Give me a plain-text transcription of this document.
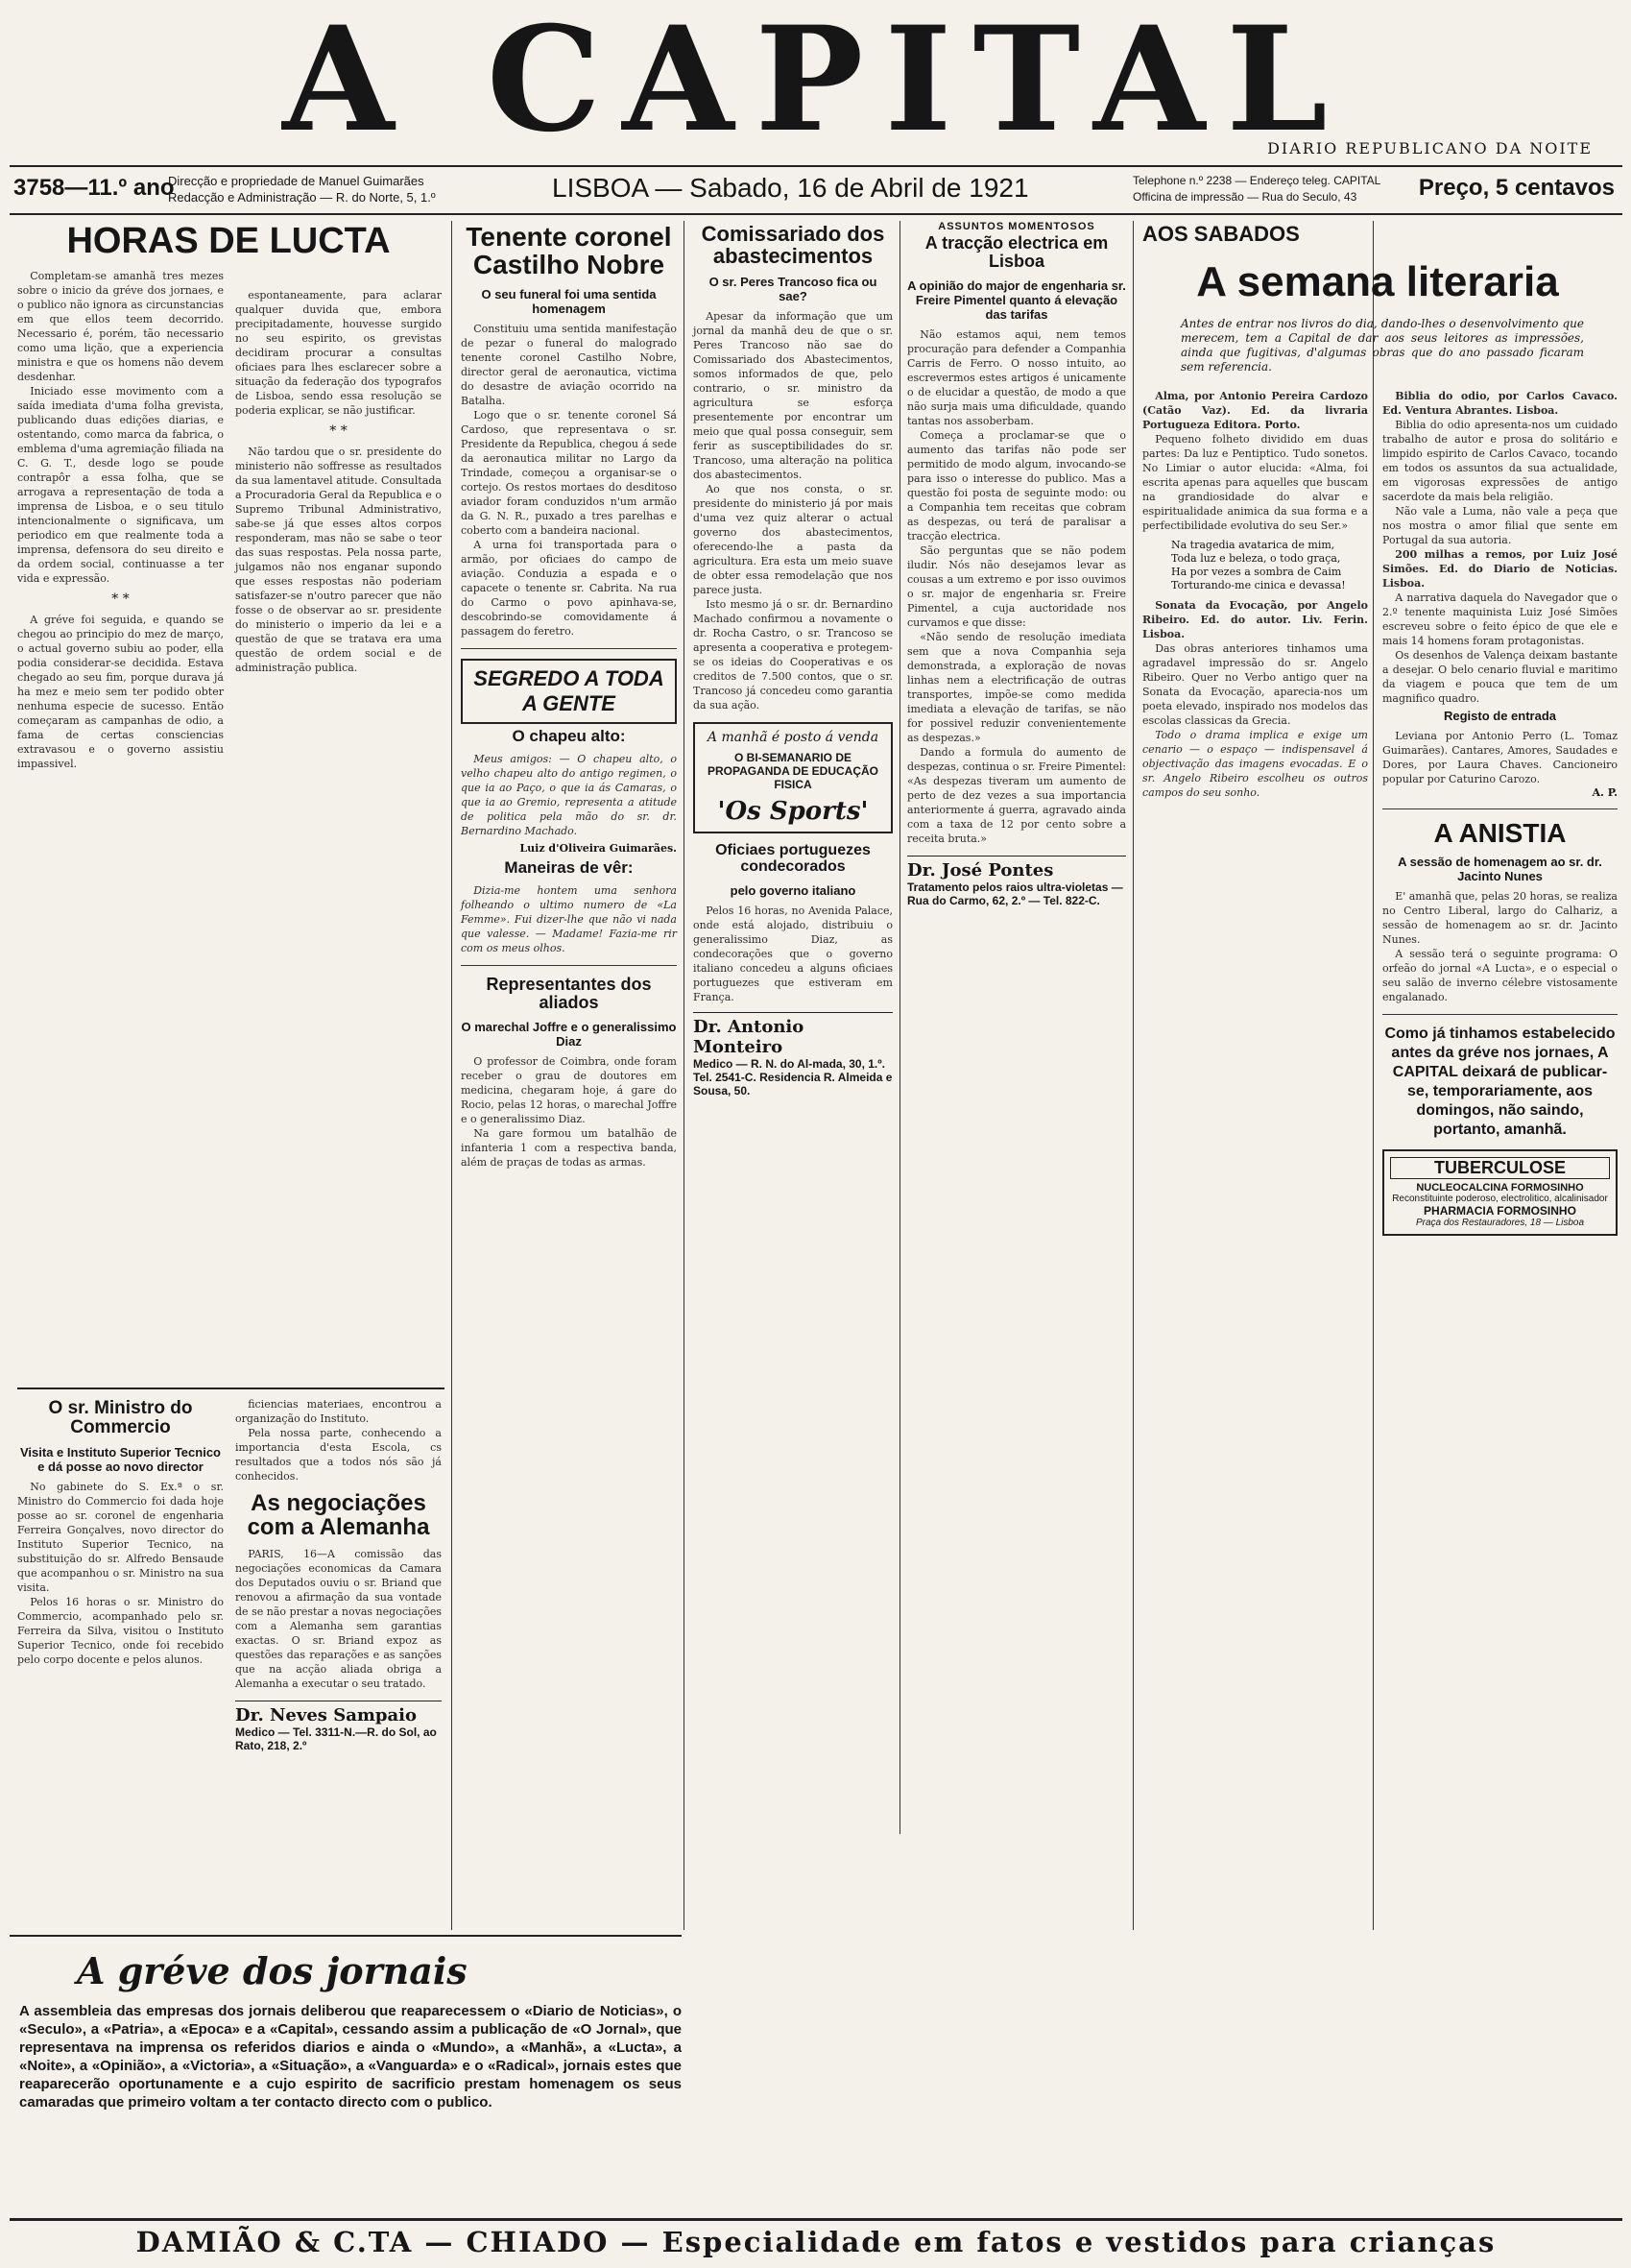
A CAPITAL
DIARIO REPUBLICANO DA NOITE
3758—11.º ano
Direcção e propriedade de Manuel Guimarães
Redacção e Administração — R. do Norte, 5, 1.º	LISBOA — Sabado, 16 de Abril de 1921	Telephone n.º 2238 — Endereço teleg. CAPITAL
Officina de impressão — Rua do Seculo, 43	Preço, 5 centavos
HORAS DE LUCTA

Completam-se amanhã tres mezes sobre o inicio da gréve dos jornaes, e o publico não ignora as circunstancias em que ellos teem decorrido. Necessario é, porém, tão necessario como uma lição, que a experiencia ministra e que os homens não devem desdenhar.

Iniciado esse movimento com a saída imediata d'uma folha grevista, publicando duas edições diarias, e ostentando, como marca da fabrica, o emblema d'uma agremiação filiada na C. G. T., desde logo se poude contrapôr a essa folha, que se arrogava a representação de toda a imprensa de Lisboa, e o seu titulo intencionalmente o significava, um periodico em que realmente toda a imprensa, defensora do seu direito e da ordem social, continuasse a ter vida e expressão.

* *

A gréve foi seguida, e quando se chegou ao principio do mez de março, o actual governo subiu ao poder, ella podia considerar-se decidida. Estava chegado ao seu fim, porque durava já ha mez e meio sem ter podido obter nenhuma especie de sucesso. Então começaram as campanhas de odio, a fama de certas consciencias extravasou e o governo assistiu impassivel.

espontaneamente, para aclarar qualquer duvida que, embora precipitadamente, houvesse surgido no seu espirito, os grevistas decidiram procurar a consultas oficiaes para lhes esclarecer sobre a situação da federação dos typografos de Lisboa, sendo essa resolução se poderia explicar, se não justificar.

* *

Não tardou que o sr. presidente do ministerio não soffresse as resultados da sua lamentavel atitude. Consultada a Procuradoria Geral da Republica e o Supremo Tribunal Administrativo, sabe-se já que esses altos corpos responderam, mas não se sabe o teor das suas respostas. Pela nossa parte, julgamos não nos enganar supondo que esses respostas não poderiam satisfazer-se n'outro parecer que não fosse o de observar ao sr. presidente do ministerio o imperio da lei e a questão de que se tratava era uma questão de ordem social e de administração publica.

O sr. Ministro do Commercio
Visita e Instituto Superior Tecnico e dá posse ao novo director

No gabinete do S. Ex.ª o sr. Ministro do Commercio foi dada hoje posse ao sr. coronel de engenharia Ferreira Gonçalves, novo director do Instituto Superior Tecnico, na substituição do sr. Alfredo Bensaude que acompanhou o sr. Ministro na sua visita.

Pelos 16 horas o sr. Ministro do Commercio, acompanhado pelo sr. Ferreira da Silva, visitou o Instituto Superior Tecnico, onde foi recebido pelo corpo docente e pelos alunos.

ficiencias materiaes, encontrou a organização do Instituto.

Pela nossa parte, conhecendo a importancia d'esta Escola, cs resultados que a todos nós são já conhecidos.

As negociações com a Alemanha

PARIS, 16—A comissão das negociações economicas da Camara dos Deputados ouviu o sr. Briand que renovou a afirmação da sua vontade de se não prestar a novas negociações com a Alemanha sem garantias exactas. O sr. Briand expoz as questões das reparações e as sanções que na acção aliada obriga a Alemanha a executar o seu tratado.

Dr. Neves Sampaio
Medico — Tel. 3311-N.—R. do Sol, ao Rato, 218, 2.º
Tenente coronel Castilho Nobre
O seu funeral foi uma sentida homenagem

Constituiu uma sentida manifestação de pezar o funeral do malogrado tenente coronel Castilho Nobre, director geral de aeronautica, victima do desastre de aviação ocorrido na Batalha.

Logo que o sr. tenente coronel Sá Cardoso, que representava o sr. Presidente da Republica, chegou á sede da aeronautica militar no Largo da Trindade, começou a organisar-se o cortejo. Os restos mortaes do desditoso aviador foram conduzidos n'um armão da G. N. R., puxado a tres parelhas e coberto com a bandeira nacional.

A urna foi transportada para o armão, por oficiaes do campo de aviação. Conduzia a espada e o capacete o tenente sr. Cabrita. Na rua do Carmo o povo apinhava-se, descobrindo-se comovidamente á passagem do feretro.

SEGREDO A TODA A GENTE
O chapeu alto:

Meus amigos: — O chapeu alto, o velho chapeu alto do antigo regimen, o que ia ao Paço, o que ia ás Camaras, o que ia ao Gremio, representa a atitude de politica pela mão do sr. dr. Bernardino Machado.

Luiz d'Oliveira Guimarães.
Maneiras de vêr:

Dizia-me hontem uma senhora folheando o ultimo numero de «La Femme». Fui dizer-lhe que não vi nada que valesse. — Madame! Fazia-me rir com os meus olhos.

Representantes dos aliados
O marechal Joffre e o generalissimo Diaz

O professor de Coimbra, onde foram receber o grau de doutores em medicina, chegaram hoje, á gare do Rocio, pelas 12 horas, o marechal Joffre e o generalissimo Diaz.

Na gare formou um batalhão de infanteria 1 com a respectiva banda, além de praças de todas as armas.

Comissariado dos abastecimentos
O sr. Peres Trancoso fica ou sae?

Apesar da informação que um jornal da manhã deu de que o sr. Peres Trancoso não sae do Comissariado dos Abastecimentos, somos informados de que, pelo contrario, o sr. ministro da agricultura se esforça presentemente por encontrar um meio que qual possa conseguir, sem ferir as susceptibilidades do sr. Trancoso, uma alteração na politica dos abastecimentos.

Ao que nos consta, o sr. presidente do ministerio já por mais d'uma vez quiz alterar o actual governo dos abastecimentos, oferecendo-lhe a pasta da agricultura. Era esta um meio suave de obter essa remodelação que nos parece justa.

Isto mesmo já o sr. dr. Bernardino Machado confirmou a novamente o dr. Rocha Castro, o sr. Trancoso se apresenta a cooperativa e protegem-se os ideias do Cooperativas e os creditos de 7.500 contos, que o sr. Trancoso já concedeu como garantia da sua ação.

A manhã é posto á venda
O BI-SEMANARIO DE PROPAGANDA DE EDUCAÇÃO FISICA
'Os Sports'
Oficiaes portuguezes condecorados
pelo governo italiano

Pelos 16 horas, no Avenida Palace, onde está alojado, distribuiu o generalissimo Diaz, as condecorações que o governo italiano concedeu a alguns oficiaes portuguezes que estiveram em França.

Dr. Antonio Monteiro
Medico — R. N. do Al-mada, 30, 1.º. Tel. 2541-C. Residencia R. Almeida e Sousa, 50.
ASSUNTOS MOMENTOSOS
A tracção electrica em Lisboa
A opinião do major de engenharia sr. Freire Pimentel quanto á elevação das tarifas

Não estamos aqui, nem temos procuração para defender a Companhia Carris de Ferro. O nosso intuito, ao escrevermos estes artigos é unicamente o de elucidar a questão, de modo a que não surja mais uma dificuldade, quando tantas nos assoberbam.

Começa a proclamar-se que o aumento das tarifas não pode ser permitido de modo algum, invocando-se para isso o interesse do publico. Mas a questão foi posta de seguinte modo: ou a Companhia tem receitas que cobram as despezas, ou terá de paralisar a tracção electrica.

São perguntas que se não podem iludir. Nós não desejamos levar as cousas a um extremo e por isso ouvimos o sr. major de engenharia sr. Freire Pimentel, a cuja auctoridade nos curvamos e que disse:

«Não sendo de resolução imediata sem que a nova Companhia seja demonstrada, a exploração de novas linhas nem a electrificação de outras transportes, impõe-se como medida imediata a elevação de tarifas, se não for possivel reduzir convenientemente as despezas.»

Dando a formula do aumento de despezas, continua o sr. Freire Pimentel: «As despezas tiveram um aumento de perto de dez vezes a sua importancia anteriormente á guerra, agravado ainda com a taxa de 12 por cento sobre a receita bruta.»

Dr. José Pontes
Tratamento pelos raios ultra-violetas — Rua do Carmo, 62, 2.º — Tel. 822-C.
AOS SABADOS
A semana literaria
Antes de entrar nos livros do dia, dando-lhes o desenvolvimento que merecem, tem a Capital de dar aos seus leitores as impressões, ainda que fugitivas, d'algumas obras que do ano passado ficaram sem referencia.

Alma, por Antonio Pereira Cardozo (Catão Vaz). Ed. da livraria Portugueza Editora. Porto.

Pequeno folheto dividido em duas partes: Da luz e Pentiptico. Tudo sonetos. No Limiar o autor elucida: «Alma, foi escrita apenas para aquelles que buscam na grandiosidade do alvar e espiritualidade animica da sua forma e a perfectibilidade evolutiva do seu Ser.»

Na tragedia avatarica de mim,
Toda luz e beleza, o todo graça,
Ha por vezes a sombra de Caim
Torturando-me cinica e devassa!

Sonata da Evocação, por Angelo Ribeiro. Ed. do autor. Liv. Ferin. Lisboa.

Das obras anteriores tinhamos uma agradavel impressão do sr. Angelo Ribeiro. Quer no Verbo antigo quer na Sonata da Evocação, aparecia-nos um poeta elevado, inspirado nos modelos das escolas classicas da Grecia.

Todo o drama implica e exige um cenario — o espaço — indispensavel á objectivação das imagens evocadas. E o sr. Angelo Ribeiro escolheu os outros campos do seu sonho.

Biblia do odio, por Carlos Cavaco. Ed. Ventura Abrantes. Lisboa.

Biblia do odio apresenta-nos um cuidado trabalho de autor e prosa do solitário e limpido espirito de Carlos Cavaco, tocando em todos os assuntos da sua actualidade, em vigorosas expressões de antigo sacerdote da mais bela religião.

Não vale a Luma, não vale a peça que nos mostra o amor filial que sente em Portugal da sua autoria.

200 milhas a remos, por Luiz José Simões. Ed. do Diario de Noticias. Lisboa.

A narrativa daquela do Navegador que o 2.º tenente maquinista Luiz José Simões escreveu sobre o feito épico de que ele e mais 14 homens foram protagonistas.

Os desenhos de Valença deixam bastante a desejar. O belo cenario fluvial e maritimo da viagem e pouca que tem de um magnifico quadro.

Registo de entrada

Leviana por Antonio Perro (L. Tomaz Guimarães). Cantares, Amores, Saudades e Dores, por Laura Chaves. Cancioneiro popular por Caturino Carozo.

A. P.
A ANISTIA
A sessão de homenagem ao sr. dr. Jacinto Nunes

E' amanhã que, pelas 20 horas, se realiza no Centro Liberal, largo do Calhariz, a sessão de homenagem ao sr. dr. Jacinto Nunes.

A sessão terá o seguinte programa: O orfeão do jornal «A Lucta», e o especial o seu salão de inverno célebre vistosamente engalanado.

Como já tinhamos estabelecido antes da gréve nos jornaes, A CAPITAL deixará de publicar-se, temporariamente, aos domingos, não saindo, portanto, amanhã.
TUBERCULOSE
NUCLEOCALCINA FORMOSINHO
Reconstituinte poderoso, electrolitico, alcalinisador
PHARMACIA FORMOSINHO
Praça dos Restauradores, 18 — Lisboa
A gréve dos jornais
A assembleia das empresas dos jornais deliberou que reaparecessem o «Diario de Noticias», o «Seculo», a «Patria», a «Epoca» e a «Capital», cessando assim a publicação de «O Jornal», que representava na imprensa os referidos diarios e ainda o «Mundo», a «Manhã», a «Lucta», a «Noite», a «Opinião», a «Victoria», a «Situação», a «Vanguarda» e o «Radical», jornais estes que reaparecerão oportunamente e a cujo espirito de sacrificio prestam homenagem os seus camaradas que primeiro voltam a ter contacto directo com o publico.
DAMIÃO & C.TA — CHIADO — Especialidade em fatos e vestidos para crianças
